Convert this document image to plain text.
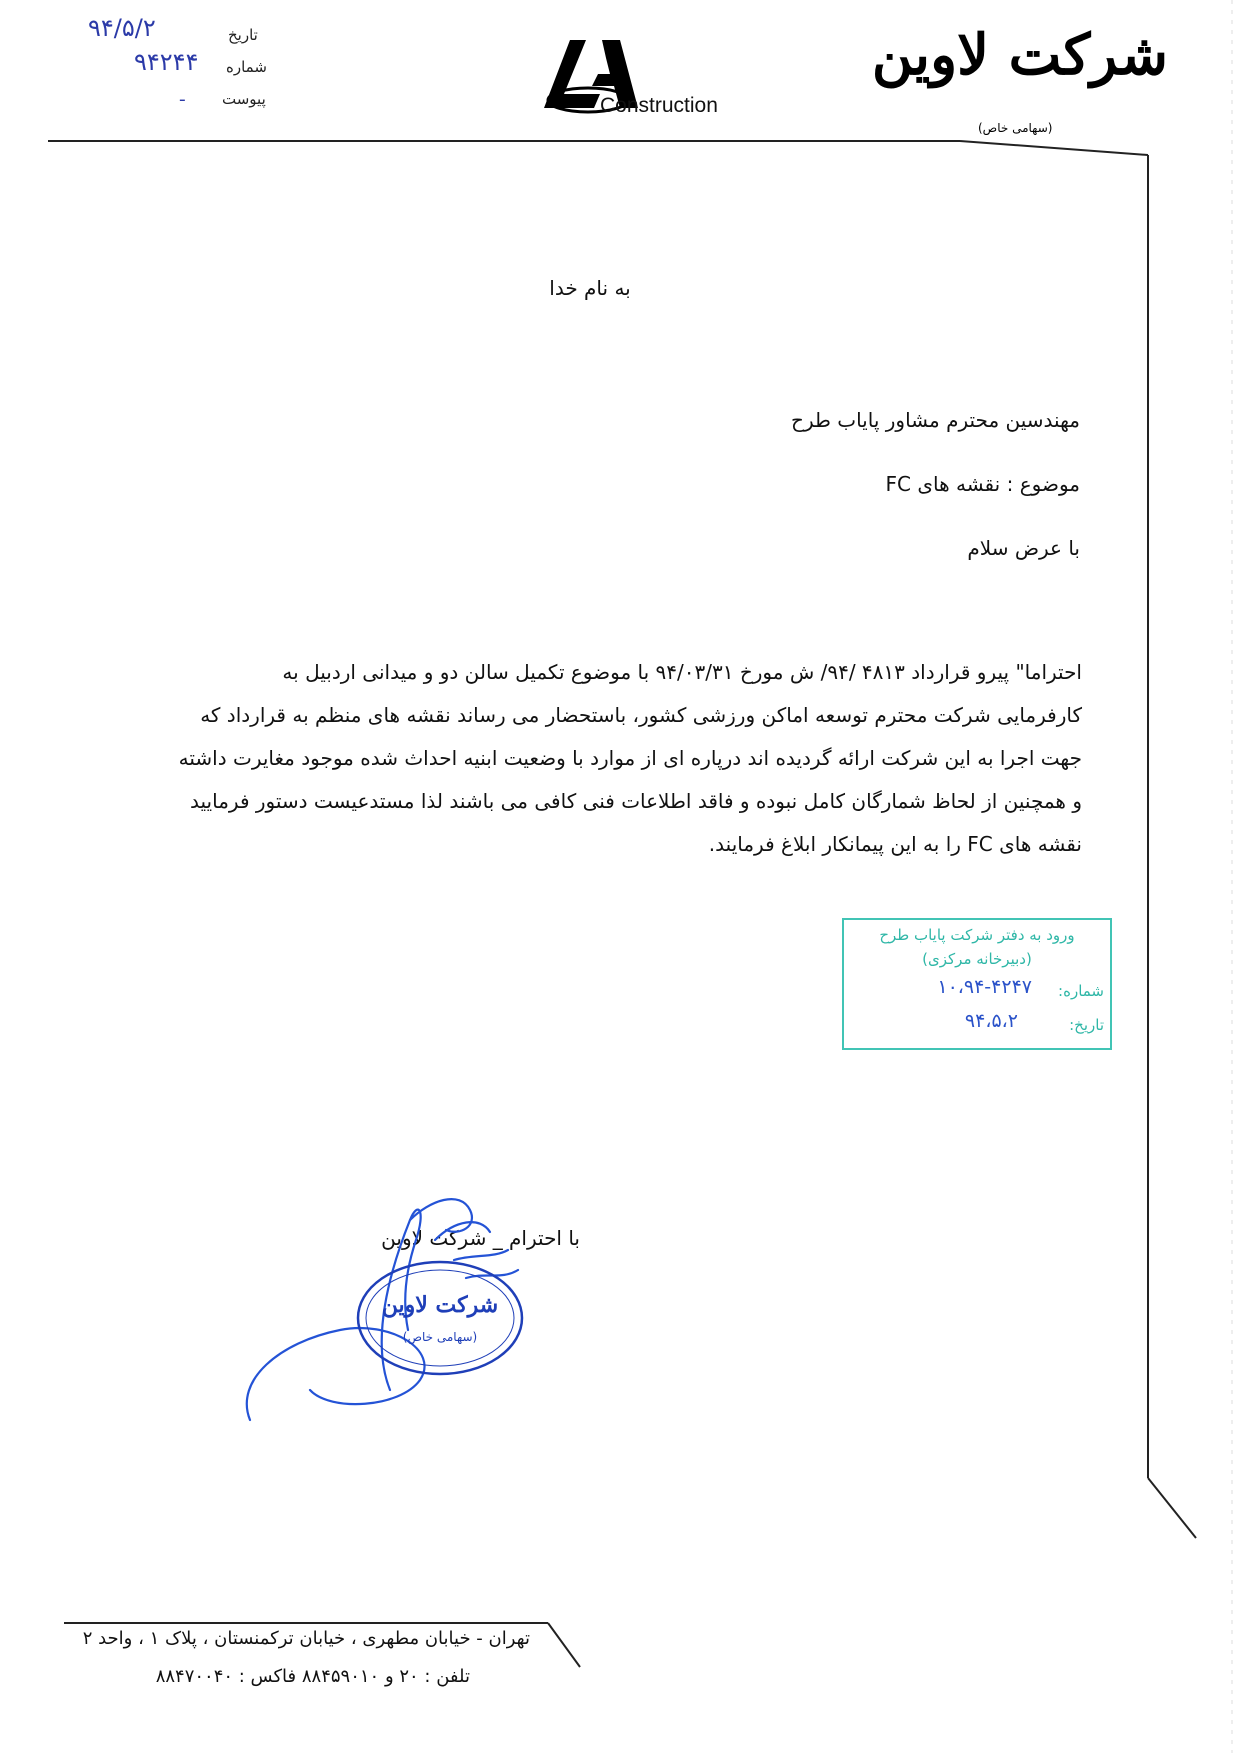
تاریخ
۹۴/۵/۲
شماره
۹۴۲۴۴
پیوست
ـ	Construction
شرکت لاوین
(سهامی خاص)
به نام خدا
مهندسین محترم مشاور پایاب طرح
موضوع : نقشه های FC
با عرض سلام
احتراما" پیرو قرارداد ۴۸۱۳ /۹۴/ ش مورخ ۹۴/۰۳/۳۱ با موضوع تکمیل سالن دو و میدانی اردبیل به
کارفرمایی شرکت محترم توسعه اماکن ورزشی کشور، باستحضار می رساند نقشه های منظم به قرارداد که
جهت اجرا به این شرکت ارائه گردیده اند درپاره ای از موارد با وضعیت ابنیه احداث شده موجود مغایرت داشته
و همچنین از لحاظ شمارگان کامل نبوده و فاقد اطلاعات فنی کافی می باشند لذا مستدعیست دستور فرمایید
نقشه های FC را به این پیمانکار ابلاغ فرمایند.
ورود به دفتر شرکت پایاب طرح
(دبیرخانه مرکزی)
شماره:
۱۰،۹۴-۴۲۴۷
تاریخ:
۹۴،۵،۲
با احترام _ شرکت لاوین
شرکت لاوین
(سهامی خاص)
تهران - خیابان مطهری ، خیابان ترکمنستان ، پلاک ۱ ، واحد ۲
تلفن : ۲۰ و ۸۸۴۵۹۰۱۰ فاکس : ۸۸۴۷۰۰۴۰
